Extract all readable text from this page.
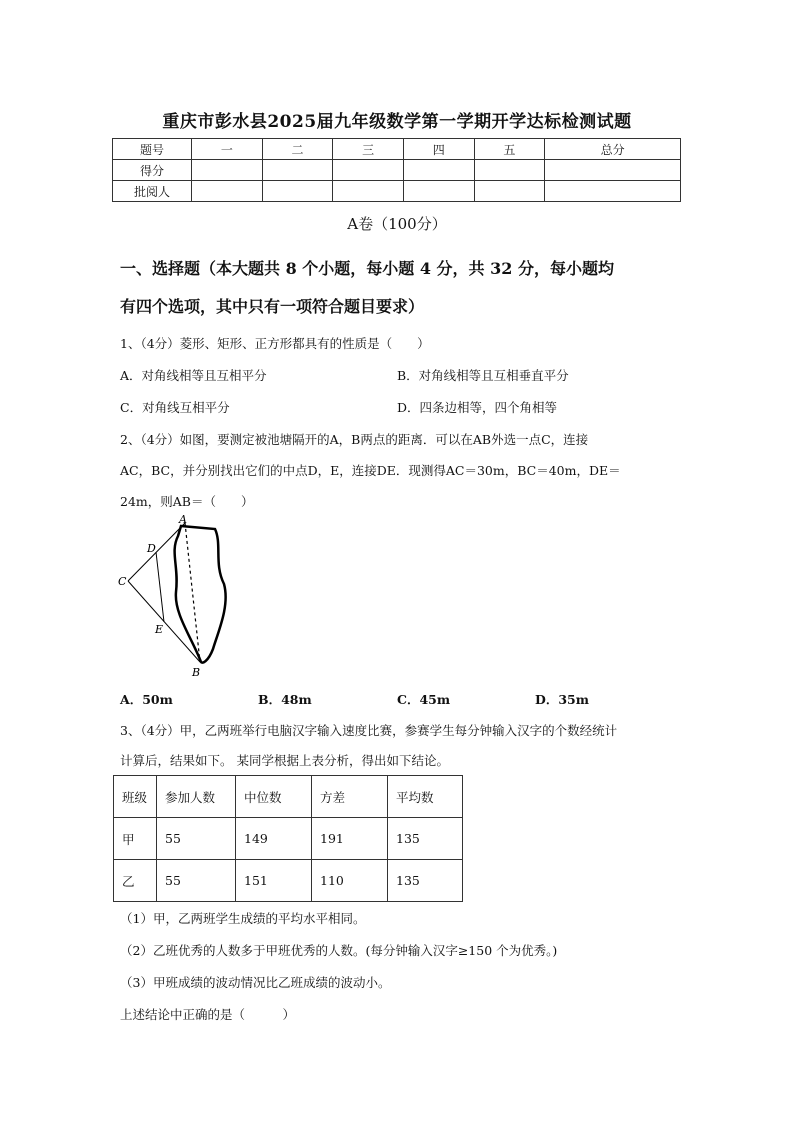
重庆市彭水县2025届九年级数学第一学期开学达标检测试题
题号	一	二	三	四	五	总分
得分						
批阅人						
A卷（100分）
一、选择题（本大题共 8 个小题，每小题 4 分，共 32 分，每小题均
有四个选项，其中只有一项符合题目要求）
1、（4分）菱形、矩形、正方形都具有的性质是（　　）
A．对角线相等且互相平分	B．对角线相等且互相垂直平分
C．对角线互相平分	D．四条边相等，四个角相等
2、（4分）如图，要测定被池塘隔开的A，B两点的距离．可以在AB外选一点C，连接
AC，BC，并分别找出它们的中点D，E，连接DE．现测得AC＝30m，BC＝40m，DE＝
24m，则AB＝（　　）
A
B
C
D
E
A．50m	B．48m	C．45m	D．35m
3、（4分）甲，乙两班举行电脑汉字输入速度比赛，参赛学生每分钟输入汉字的个数经统计
计算后，结果如下。 某同学根据上表分析，得出如下结论。
班级	参加人数	中位数	方差	平均数
甲	55	149	191	135
乙	55	151	110	135
（1）甲，乙两班学生成绩的平均水平相同。
（2）乙班优秀的人数多于甲班优秀的人数。(每分钟输入汉字≥150 个为优秀。)
（3）甲班成绩的波动情况比乙班成绩的波动小。
上述结论中正确的是（　　　）
